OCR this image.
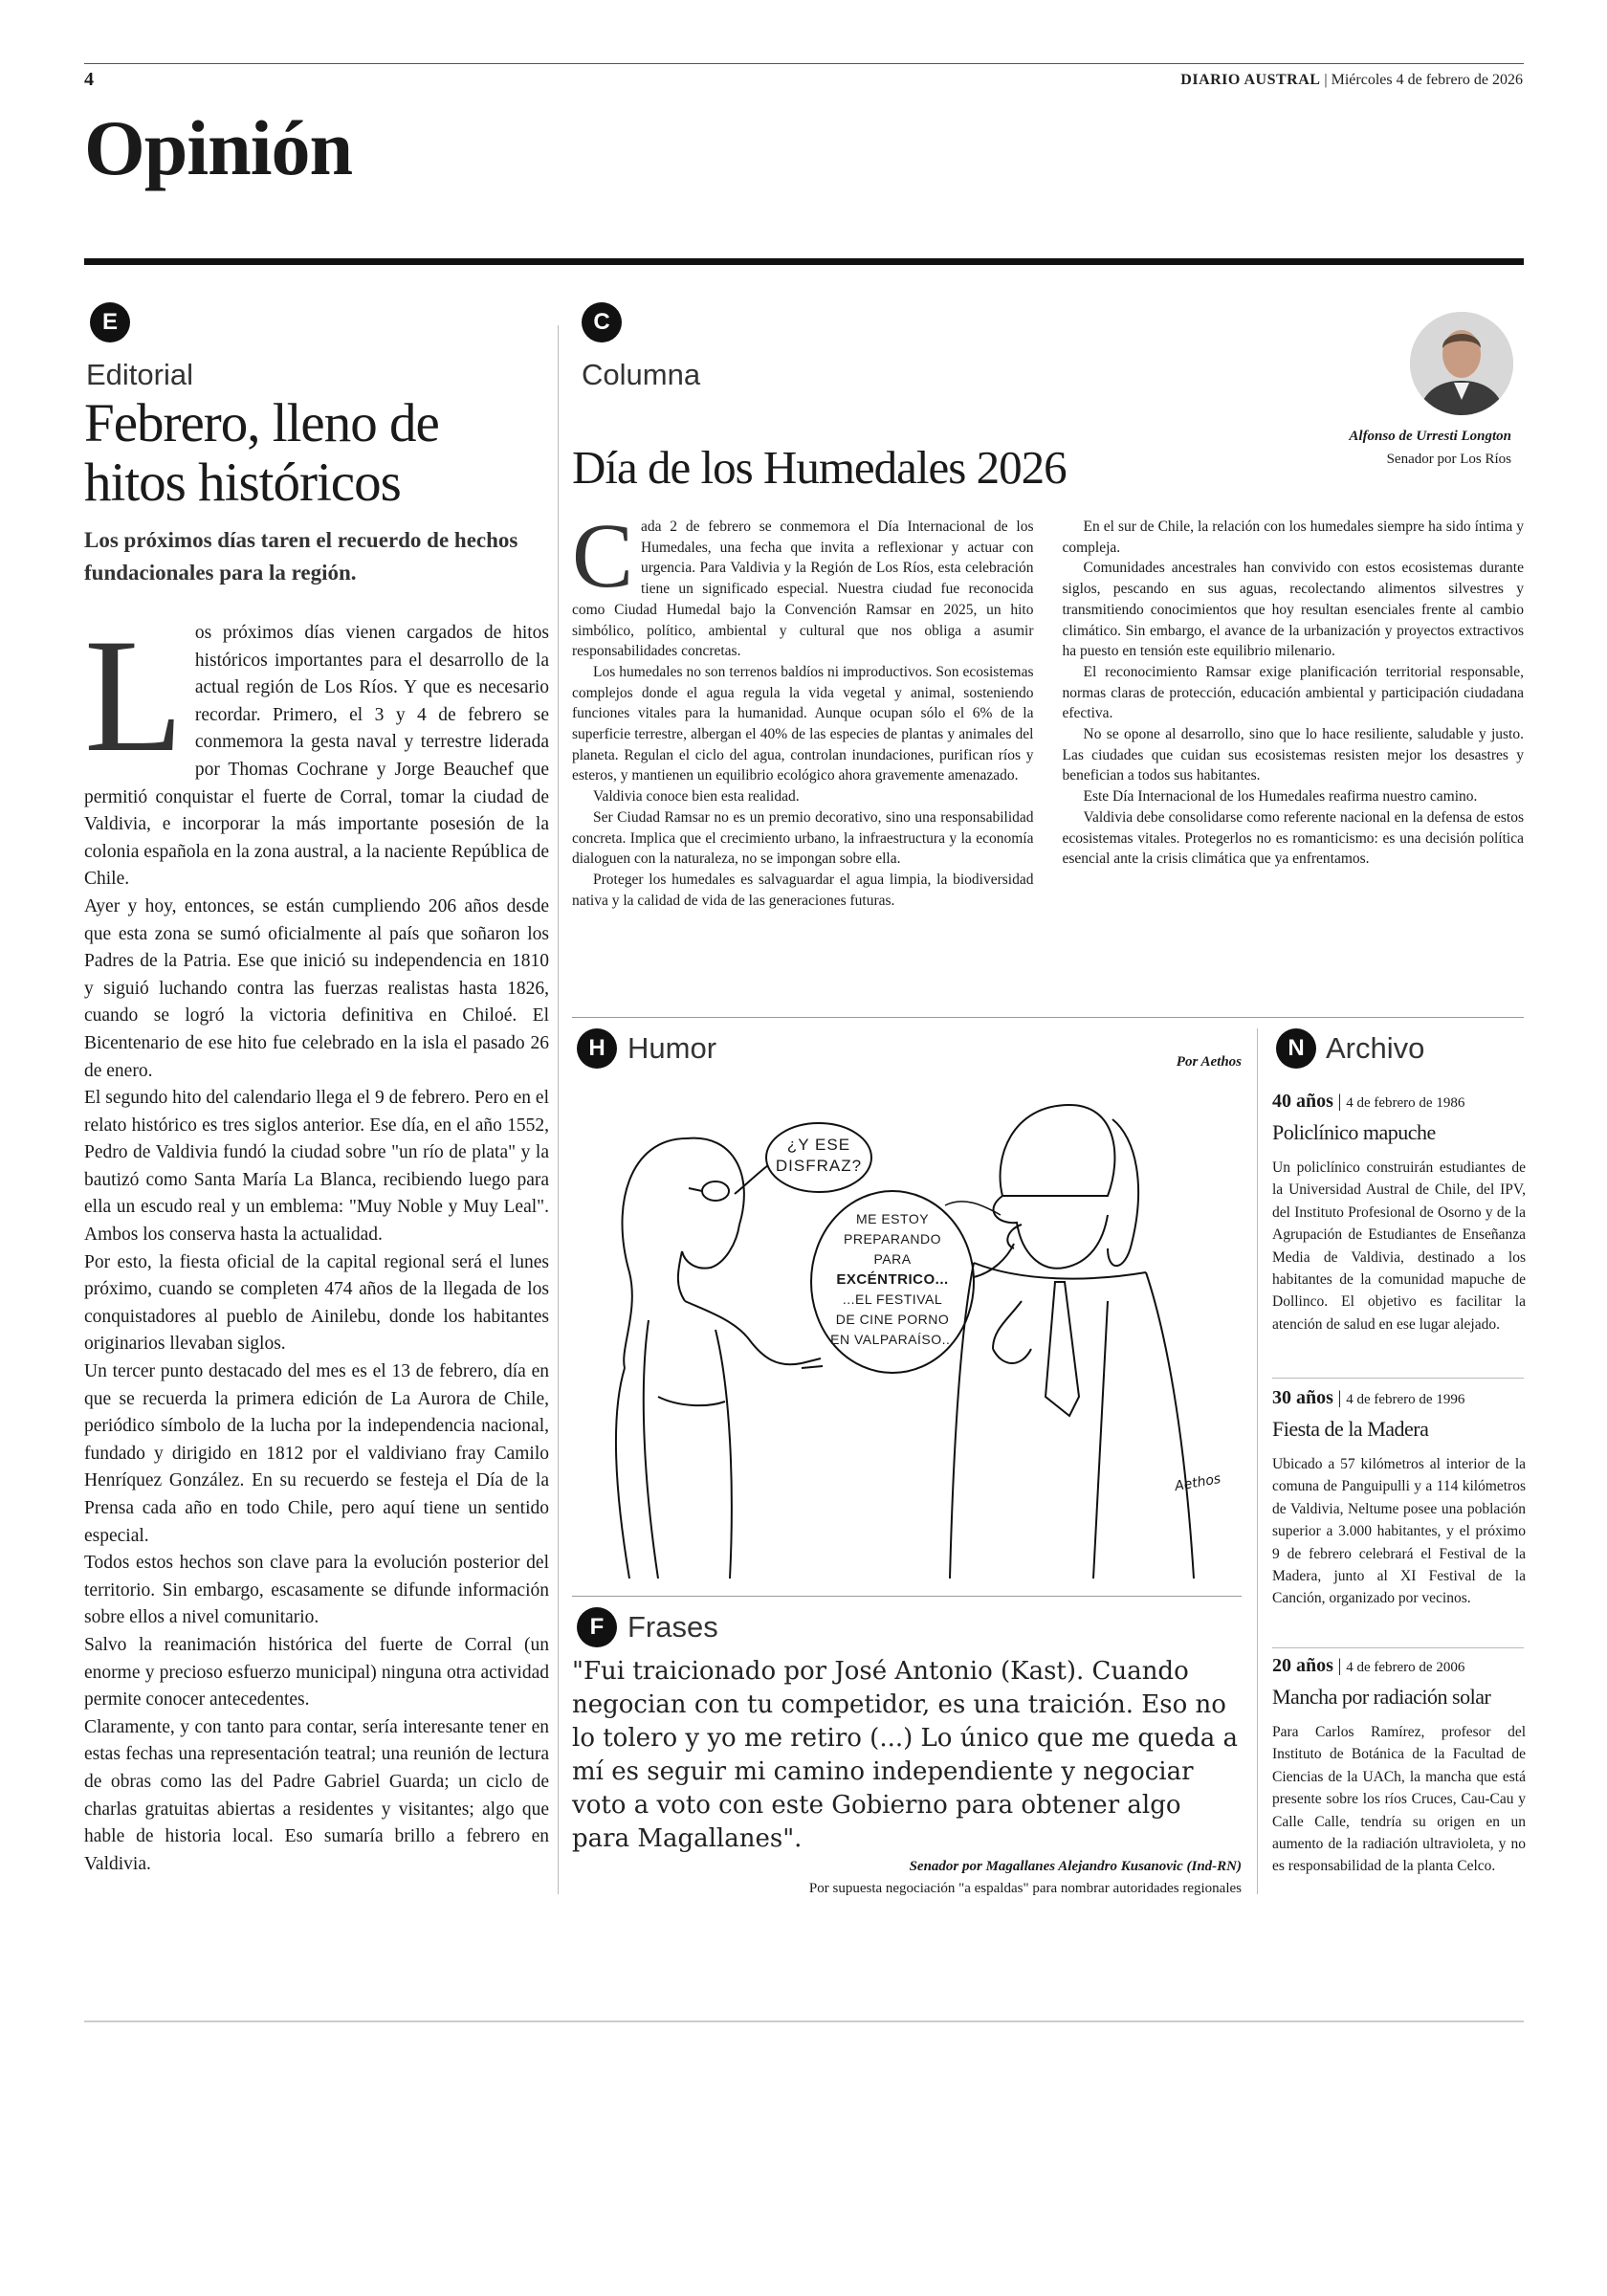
4	DIARIO AUSTRAL | Miércoles 4 de febrero de 2026
Opinión
E
Editorial
Febrero, lleno de hitos históricos
Los próximos días taren el recuerdo de hechos fundacionales para la región.

Los próximos días vienen cargados de hitos históricos importantes para el desarrollo de la actual región de Los Ríos. Y que es necesario recordar. Primero, el 3 y 4 de febrero se conmemora la gesta naval y terrestre liderada por Thomas Cochrane y Jorge Beauchef que permitió conquistar el fuerte de Corral, tomar la ciudad de Valdivia, e incorporar la más importante posesión de la colonia española en la zona austral, a la naciente República de Chile.

Ayer y hoy, entonces, se están cumpliendo 206 años desde que esta zona se sumó oficialmente al país que soñaron los Padres de la Patria. Ese que inició su independencia en 1810 y siguió luchando contra las fuerzas realistas hasta 1826, cuando se logró la victoria definitiva en Chiloé. El Bicentenario de ese hito fue celebrado en la isla el pasado 26 de enero.

El segundo hito del calendario llega el 9 de febrero. Pero en el relato histórico es tres siglos anterior. Ese día, en el año 1552, Pedro de Valdivia fundó la ciudad sobre "un río de plata" y la bautizó como Santa María La Blanca, recibiendo luego para ella un escudo real y un emblema: "Muy Noble y Muy Leal". Ambos los conserva hasta la actualidad.

Por esto, la fiesta oficial de la capital regional será el lunes próximo, cuando se completen 474 años de la llegada de los conquistadores al pueblo de Ainilebu, donde los habitantes originarios llevaban siglos.

Un tercer punto destacado del mes es el 13 de febrero, día en que se recuerda la primera edición de La Aurora de Chile, periódico símbolo de la lucha por la independencia nacional, fundado y dirigido en 1812 por el valdiviano fray Camilo Henríquez González. En su recuerdo se festeja el Día de la Prensa cada año en todo Chile, pero aquí tiene un sentido especial.

Todos estos hechos son clave para la evolución posterior del territorio. Sin embargo, escasamente se difunde información sobre ellos a nivel comunitario.

Salvo la reanimación histórica del fuerte de Corral (un enorme y precioso esfuerzo municipal) ninguna otra actividad permite conocer antecedentes.

Claramente, y con tanto para contar, sería interesante tener en estas fechas una representación teatral; una reunión de lectura de obras como las del Padre Gabriel Guarda; un ciclo de charlas gratuitas abiertas a residentes y visitantes; algo que hable de historia local. Eso sumaría brillo a febrero en Valdivia.

C
Columna
Alfonso de Urresti Longton
Senador por Los Ríos
Día de los Humedales 2026

Cada 2 de febrero se conmemora el Día Internacional de los Humedales, una fecha que invita a reflexionar y actuar con urgencia. Para Valdivia y la Región de Los Ríos, esta celebración tiene un significado especial. Nuestra ciudad fue reconocida como Ciudad Humedal bajo la Convención Ramsar en 2025, un hito simbólico, político, ambiental y cultural que nos obliga a asumir responsabilidades concretas.

Los humedales no son terrenos baldíos ni improductivos. Son ecosistemas complejos donde el agua regula la vida vegetal y animal, sosteniendo funciones vitales para la humanidad. Aunque ocupan sólo el 6% de la superficie terrestre, albergan el 40% de las especies de plantas y animales del planeta. Regulan el ciclo del agua, controlan inundaciones, purifican ríos y esteros, y mantienen un equilibrio ecológico ahora gravemente amenazado.

Valdivia conoce bien esta realidad.

Ser Ciudad Ramsar no es un premio decorativo, sino una responsabilidad concreta. Implica que el crecimiento urbano, la infraestructura y la economía dialoguen con la naturaleza, no se impongan sobre ella.

Proteger los humedales es salvaguardar el agua limpia, la biodiversidad nativa y la calidad de vida de las generaciones futuras.

En el sur de Chile, la relación con los humedales siempre ha sido íntima y compleja.

Comunidades ancestrales han convivido con estos ecosistemas durante siglos, pescando en sus aguas, recolectando alimentos silvestres y transmitiendo conocimientos que hoy resultan esenciales frente al cambio climático. Sin embargo, el avance de la urbanización y proyectos extractivos ha puesto en tensión este equilibrio milenario.

El reconocimiento Ramsar exige planificación territorial responsable, normas claras de protección, educación ambiental y participación ciudadana efectiva.

No se opone al desarrollo, sino que lo hace resiliente, saludable y justo. Las ciudades que cuidan sus ecosistemas resisten mejor los desastres y benefician a todos sus habitantes.

Este Día Internacional de los Humedales reafirma nuestro camino.

Valdivia debe consolidarse como referente nacional en la defensa de estos ecosistemas vitales. Protegerlos no es romanticismo: es una decisión política esencial ante la crisis climática que ya enfrentamos.

H Humor	Por Aethos
¿Y ESE
DISFRAZ?
ME ESTOY
PREPARANDO
PARA
EXCÉNTRICO...
...EL FESTIVAL
DE CINE PORNO
EN VALPARAÍSO...
Aethos
F Frases
"Fui traicionado por José Antonio (Kast). Cuando negocian con tu competidor, es una traición. Eso no lo tolero y yo me retiro (...) Lo único que me queda a mí es seguir mi camino independiente y negociar voto a voto con este Gobierno para obtener algo para Magallanes".
Senador por Magallanes Alejandro Kusanovic (Ind-RN)
Por supuesta negociación "a espaldas" para nombrar autoridades regionales
N Archivo
40 años | 4 de febrero de 1986
Policlínico mapuche
Un policlínico construirán estudiantes de la Universidad Austral de Chile, del IPV, del Instituto Profesional de Osorno y de la Agrupación de Estudiantes de Enseñanza Media de Valdivia, destinado a los habitantes de la comunidad mapuche de Dollinco. El objetivo es facilitar la atención de salud en ese lugar alejado.
30 años | 4 de febrero de 1996
Fiesta de la Madera
Ubicado a 57 kilómetros al interior de la comuna de Panguipulli y a 114 kilómetros de Valdivia, Neltume posee una población superior a 3.000 habitantes, y el próximo 9 de febrero celebrará el Festival de la Madera, junto al XI Festival de la Canción, organizado por vecinos.
20 años | 4 de febrero de 2006
Mancha por radiación solar
Para Carlos Ramírez, profesor del Instituto de Botánica de la Facultad de Ciencias de la UACh, la mancha que está presente sobre los ríos Cruces, Cau-Cau y Calle Calle, tendría su origen en un aumento de la radiación ultravioleta, y no es responsabilidad de la planta Celco.
